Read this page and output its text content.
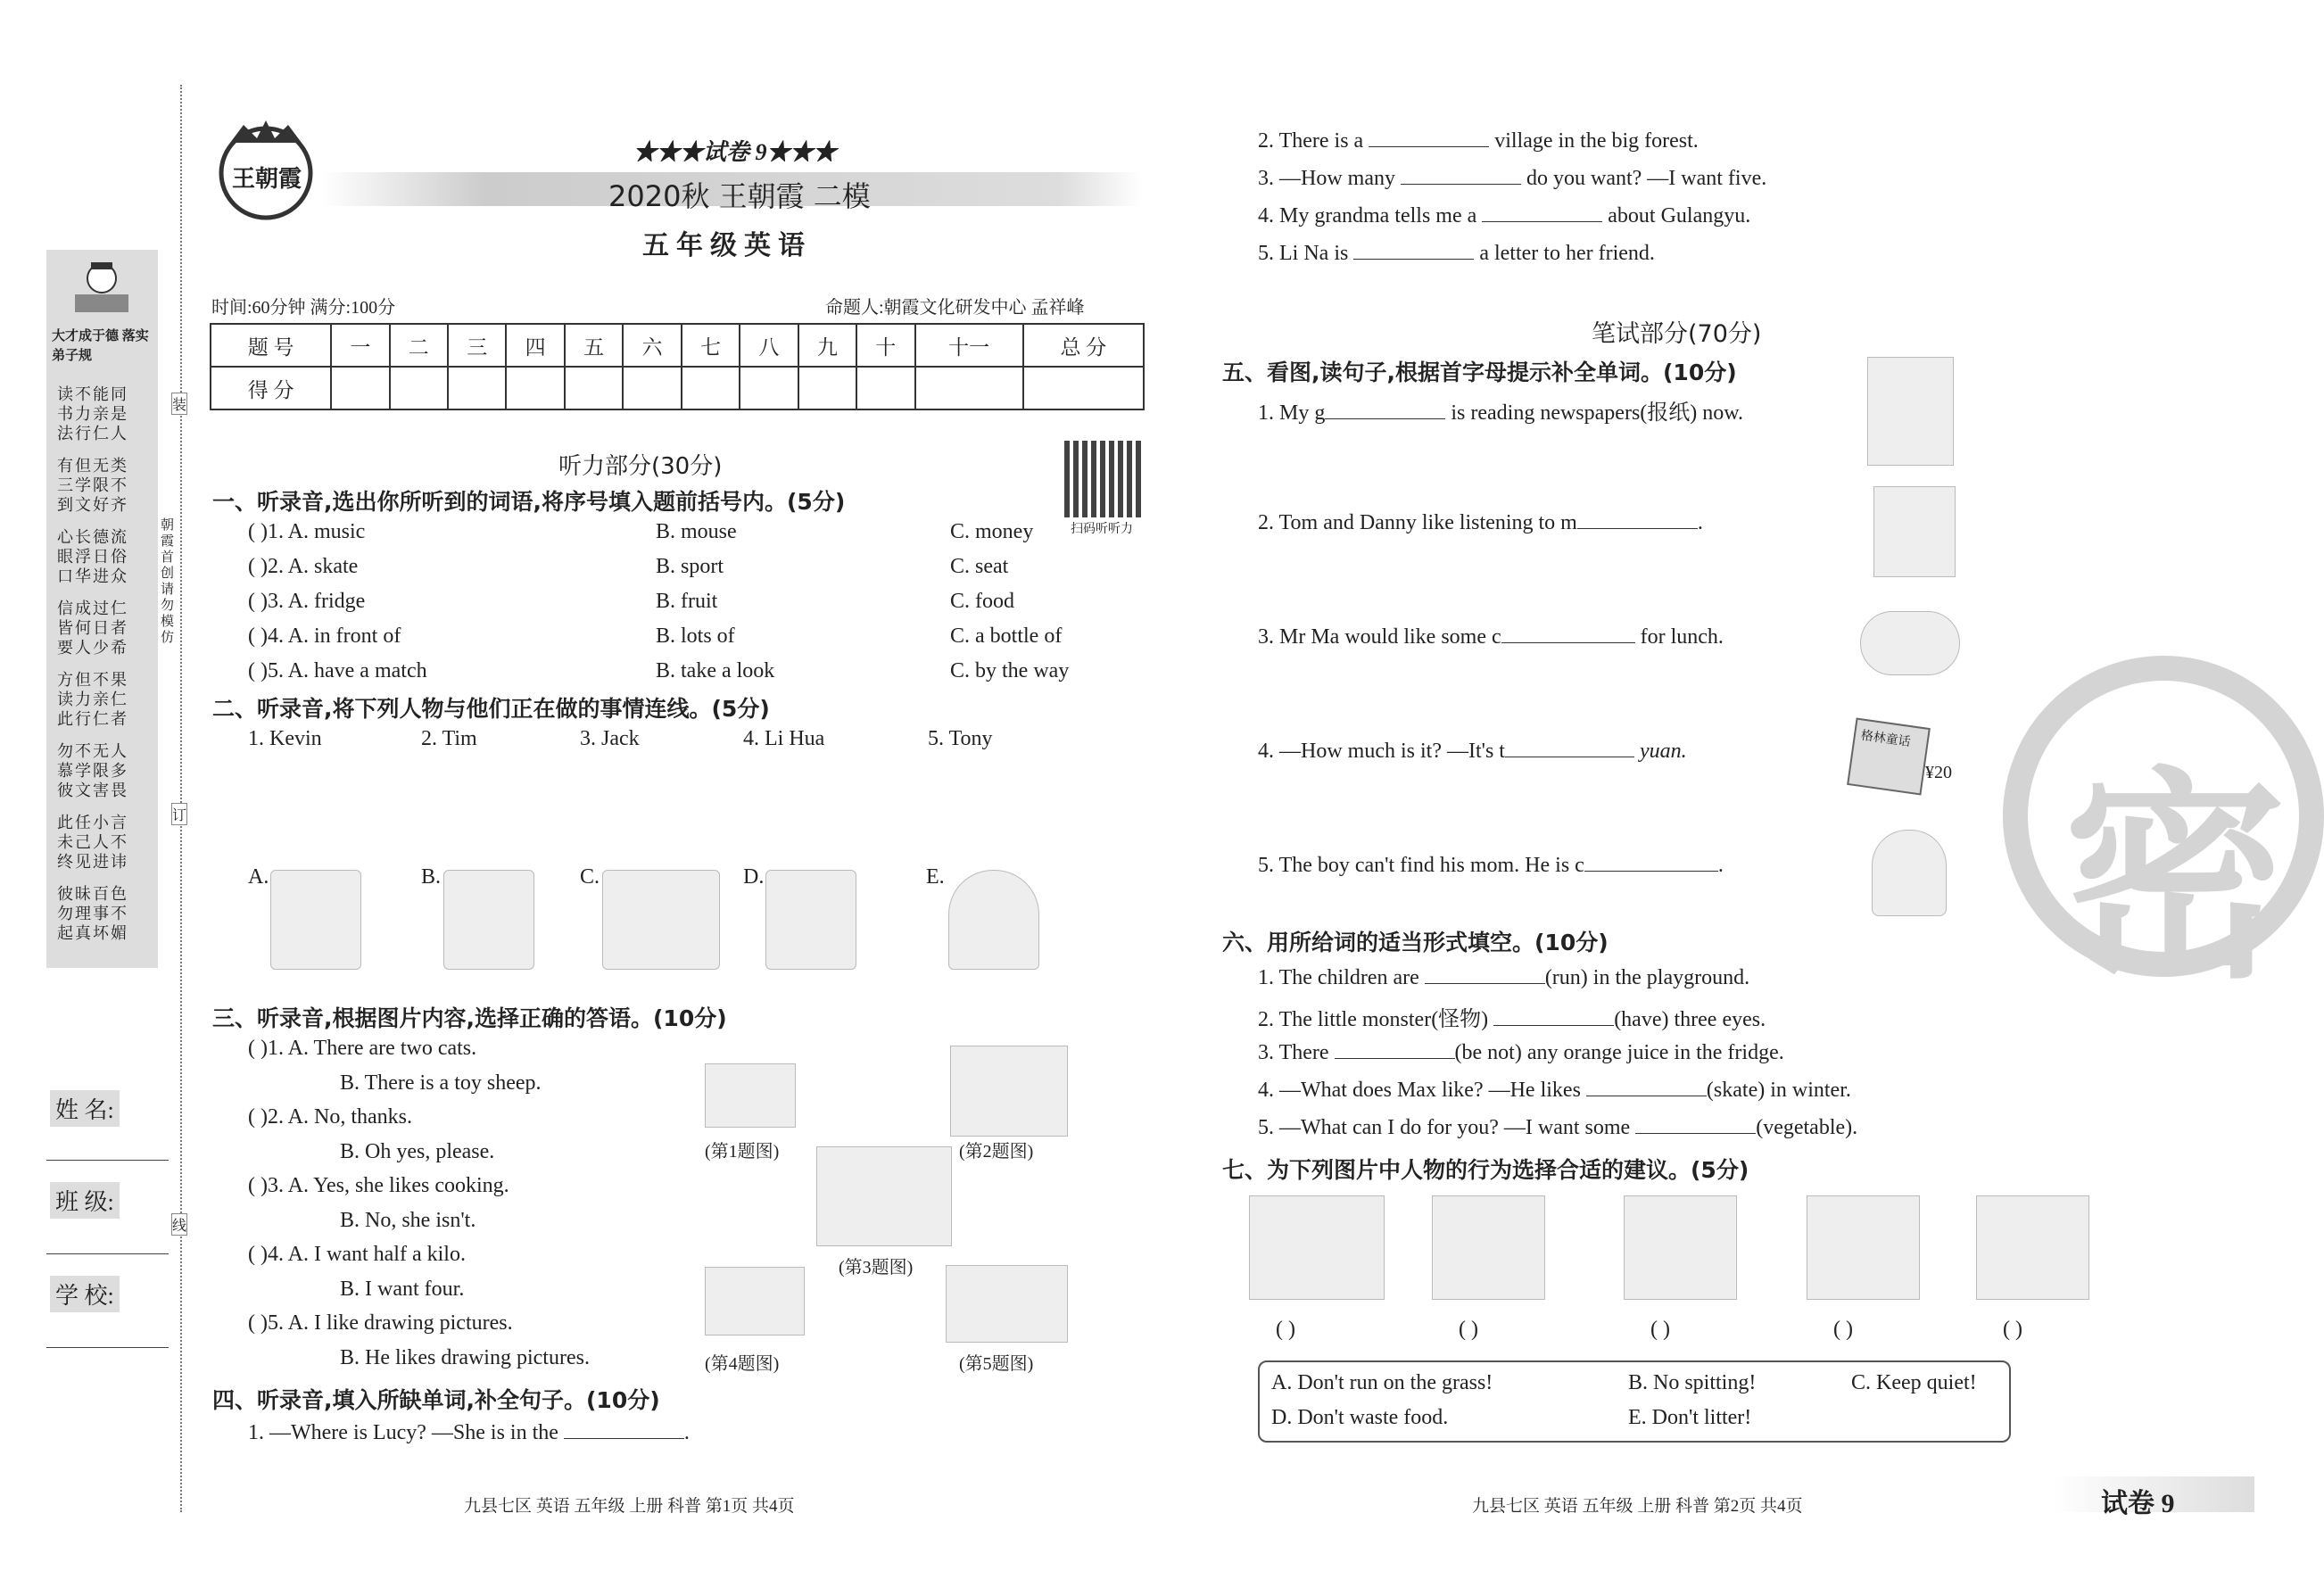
大才成于德 落实弟子规
读不能同
书力亲是
法行仁人
有但无类
三学限不
到文好齐
心长德流
眼浮日俗
口华进众
信成过仁
皆何日者
要人少希
方但不果
读力亲仁
此行仁者
勿不无人
慕学限多
彼文害畏
此任小言
未己人不
终见进讳
彼昧百色
勿理事不
起真坏媚
姓 名:
班 级:
学 校:
装
订
线
朝霞首创 请勿模仿
王朝霞
★★★试卷 9★★★
2020秋 王朝霞 二模
五年级英语
时间:60分钟 满分:100分	命题人:朝霞文化研发中心 孟祥峰
题 号	一	二	三	四	五	六	七	八	九	十	十一	总 分
得 分												
听力部分(30分)
扫码听听力
一、听录音,选出你所听到的词语,将序号填入题前括号内。(5分)
( )1. A. music	B. mouse	C. money
( )2. A. skate	B. sport	C. seat
( )3. A. fridge	B. fruit	C. food
( )4. A. in front of	B. lots of	C. a bottle of
( )5. A. have a match	B. take a look	C. by the way
二、听录音,将下列人物与他们正在做的事情连线。(5分)
1. Kevin	2. Tim	3. Jack	4. Li Hua	5. Tony
A.	B.	C.	D.	E.
三、听录音,根据图片内容,选择正确的答语。(10分)
( )1. A. There are two cats.
B. There is a toy sheep.
( )2. A. No, thanks.
B. Oh yes, please.
( )3. A. Yes, she likes cooking.
B. No, she isn't.
( )4. A. I want half a kilo.
B. I want four.
( )5. A. I like drawing pictures.
B. He likes drawing pictures.
(第1题图)	(第2题图)
(第3题图)
(第4题图)	(第5题图)
四、听录音,填入所缺单词,补全句子。(10分)
1. —Where is Lucy? —She is in the	.
九县七区 英语 五年级 上册 科普 第1页 共4页
2. There is a	village in the big forest.
3. —How many	do you want? —I want five.
4. My grandma tells me a	about Gulangyu.
5. Li Na is	a letter to her friend.
笔试部分(70分)
五、看图,读句子,根据首字母提示补全单词。(10分)
1. My g	is reading newspapers(报纸) now.
2. Tom and Danny like listening to m	.
3. Mr Ma would like some c	for lunch.
4. —How much is it? —It's t	yuan.
5. The boy can't find his mom. He is c	.
格林童话
¥20
六、用所给词的适当形式填空。(10分)
1. The children are	(run) in the playground.
2. The little monster(怪物)	(have) three eyes.
3. There	(be not) any orange juice in the fridge.
4. —What does Max like? —He likes	(skate) in winter.
5. —What can I do for you? —I want some	(vegetable).
七、为下列图片中人物的行为选择合适的建议。(5分)
( )	( )	( )	( )	( )
A. Don't run on the grass!	B. No spitting!	C. Keep quiet!
D. Don't waste food.	E. Don't litter!
九县七区 英语 五年级 上册 科普 第2页 共4页	试卷 9
密
